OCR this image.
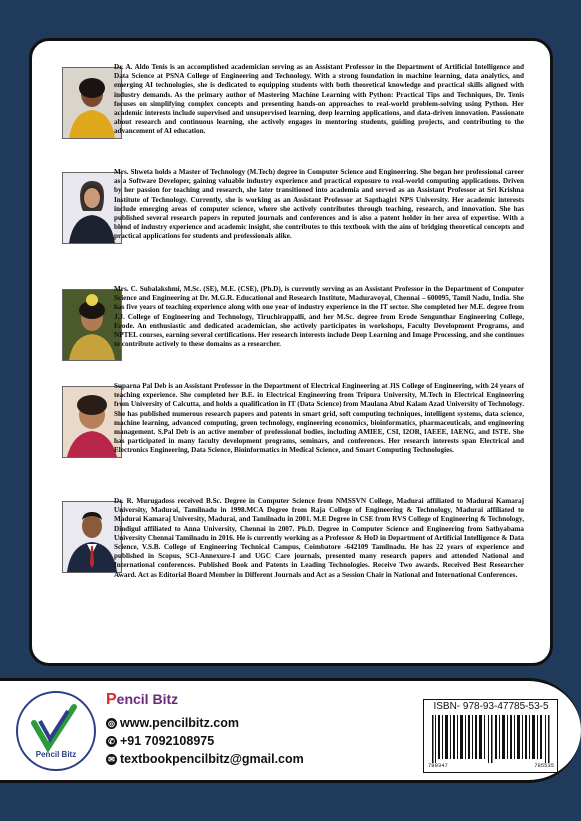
Dr. A. Aldo Tenis is an accomplished academician serving as an Assistant Professor in the Department of Artificial Intelligence and Data Science at PSNA College of Engineering and Technology. With a strong foundation in machine learning, data analytics, and emerging AI technologies, she is dedicated to equipping students with both theoretical knowledge and practical skills aligned with industry demands. As the primary author of Mastering Machine Learning with Python: Practical Tips and Techniques, Dr. Tenis focuses on simplifying complex concepts and presenting hands-on approaches to real-world problem-solving using Python. Her academic interests include supervised and unsupervised learning, deep learning applications, and data-driven innovation. Passionate about research and continuous learning, she actively engages in mentoring students, guiding projects, and contributing to the advancement of AI education.
Mrs. Shweta holds a Master of Technology (M.Tech) degree in Computer Science and Engineering. She began her professional career as a Software Developer, gaining valuable industry experience and practical exposure to real-world computing applications. Driven by her passion for teaching and research, she later transitioned into academia and served as an Assistant Professor at Sri Krishna Institute of Technology. Currently, she is working as an Assistant Professor at Sapthagiri NPS University. Her academic interests include emerging areas of computer science, where she actively contributes through teaching, research, and innovation. She has published several research papers in reputed journals and conferences and is also a patent holder in her area of expertise. With a blend of industry experience and academic insight, she contributes to this textbook with the aim of bridging theoretical concepts and practical applications for students and professionals alike.
Mrs. C. Subalakshmi, M.Sc. (SE), M.E. (CSE), (Ph.D), is currently serving as an Assistant Professor in the Department of Computer Science and Engineering at Dr. M.G.R. Educational and Research Institute, Maduravoyal, Chennai – 600095, Tamil Nadu, India. She has five years of teaching experience along with one year of industry experience in the IT sector. She completed her M.E. degree from J.J. College of Engineering and Technology, Tiruchirappalli, and her M.Sc. degree from Erode Sengunthar Engineering College, Erode. An enthusiastic and dedicated academician, she actively participates in workshops, Faculty Development Programs, and NPTEL courses, earning several certifications. Her research interests include Deep Learning and Image Processing, and she continues to contribute actively to these domains as a researcher.
Suparna Pal Deb is an Assistant Professor in the Department of Electrical Engineering at JIS College of Engineering, with 24 years of teaching experience. She completed her B.E. in Electrical Engineering from Tripura University, M.Tech in Electrical Engineering from University of Calcutta, and holds a qualification in IT (Data Science) from Maulana Abul Kalam Azad University of Technology. She has published numerous research papers and patents in smart grid, soft computing techniques, intelligent systems, data science, machine learning, advanced computing, green technology, engineering economics, bioinformatics, pharmaceuticals, and engineering management. S.Pal Deb is an active member of professional bodies, including AMIEE, CSI, I2OR, IAEEE, IAENG, and ISTE. She has participated in many faculty development programs, seminars, and conferences. Her research interests span Electrical and Electronics Engineering, Data Science, Bioinformatics in Medical Science, and Smart Computing Technologies.
Dr. R. Murugadoss received B.Sc. Degree in Computer Science from NMSSVN College, Madurai affiliated to Madurai Kamaraj University, Madurai, Tamilnadu in 1998.MCA Degree from Raja College of Engineering & Technology, Madurai affiliated to Madurai Kamaraj University, Madurai, and Tamilnadu in 2001. M.E Degree in CSE from RVS College of Engineering & Technology, Dindigul affiliated to Anna University, Chennai in 2007. Ph.D. Degree in Computer Science and Engineering from Sathyabama University Chennai Tamilnadu in 2016. He is currently working as a Professor & HoD in Department of Artificial Intelligence & Data Science, V.S.B. College of Engineering Technical Campus, Coimbatore -642109 Tamilnadu. He has 22 years of experience and published in Scopus, SCI-Annexure-I and UGC Care journals, presented many research papers and attended National and International conferences. Published Book and Patents in Leading Technologies. Receive Two awards. Received Best Researcher Award. Act as Editorial Board Member in Different Journals and Act as a Session Chair in National and International Conferences.
Pencil Bitz
Pencil Bitz
◎ www.pencilbitz.com
✆ +91 7092108975
✉ textbookpencilbitz@gmail.com
ISBN- 978-93-47785-53-5
789347	785535
